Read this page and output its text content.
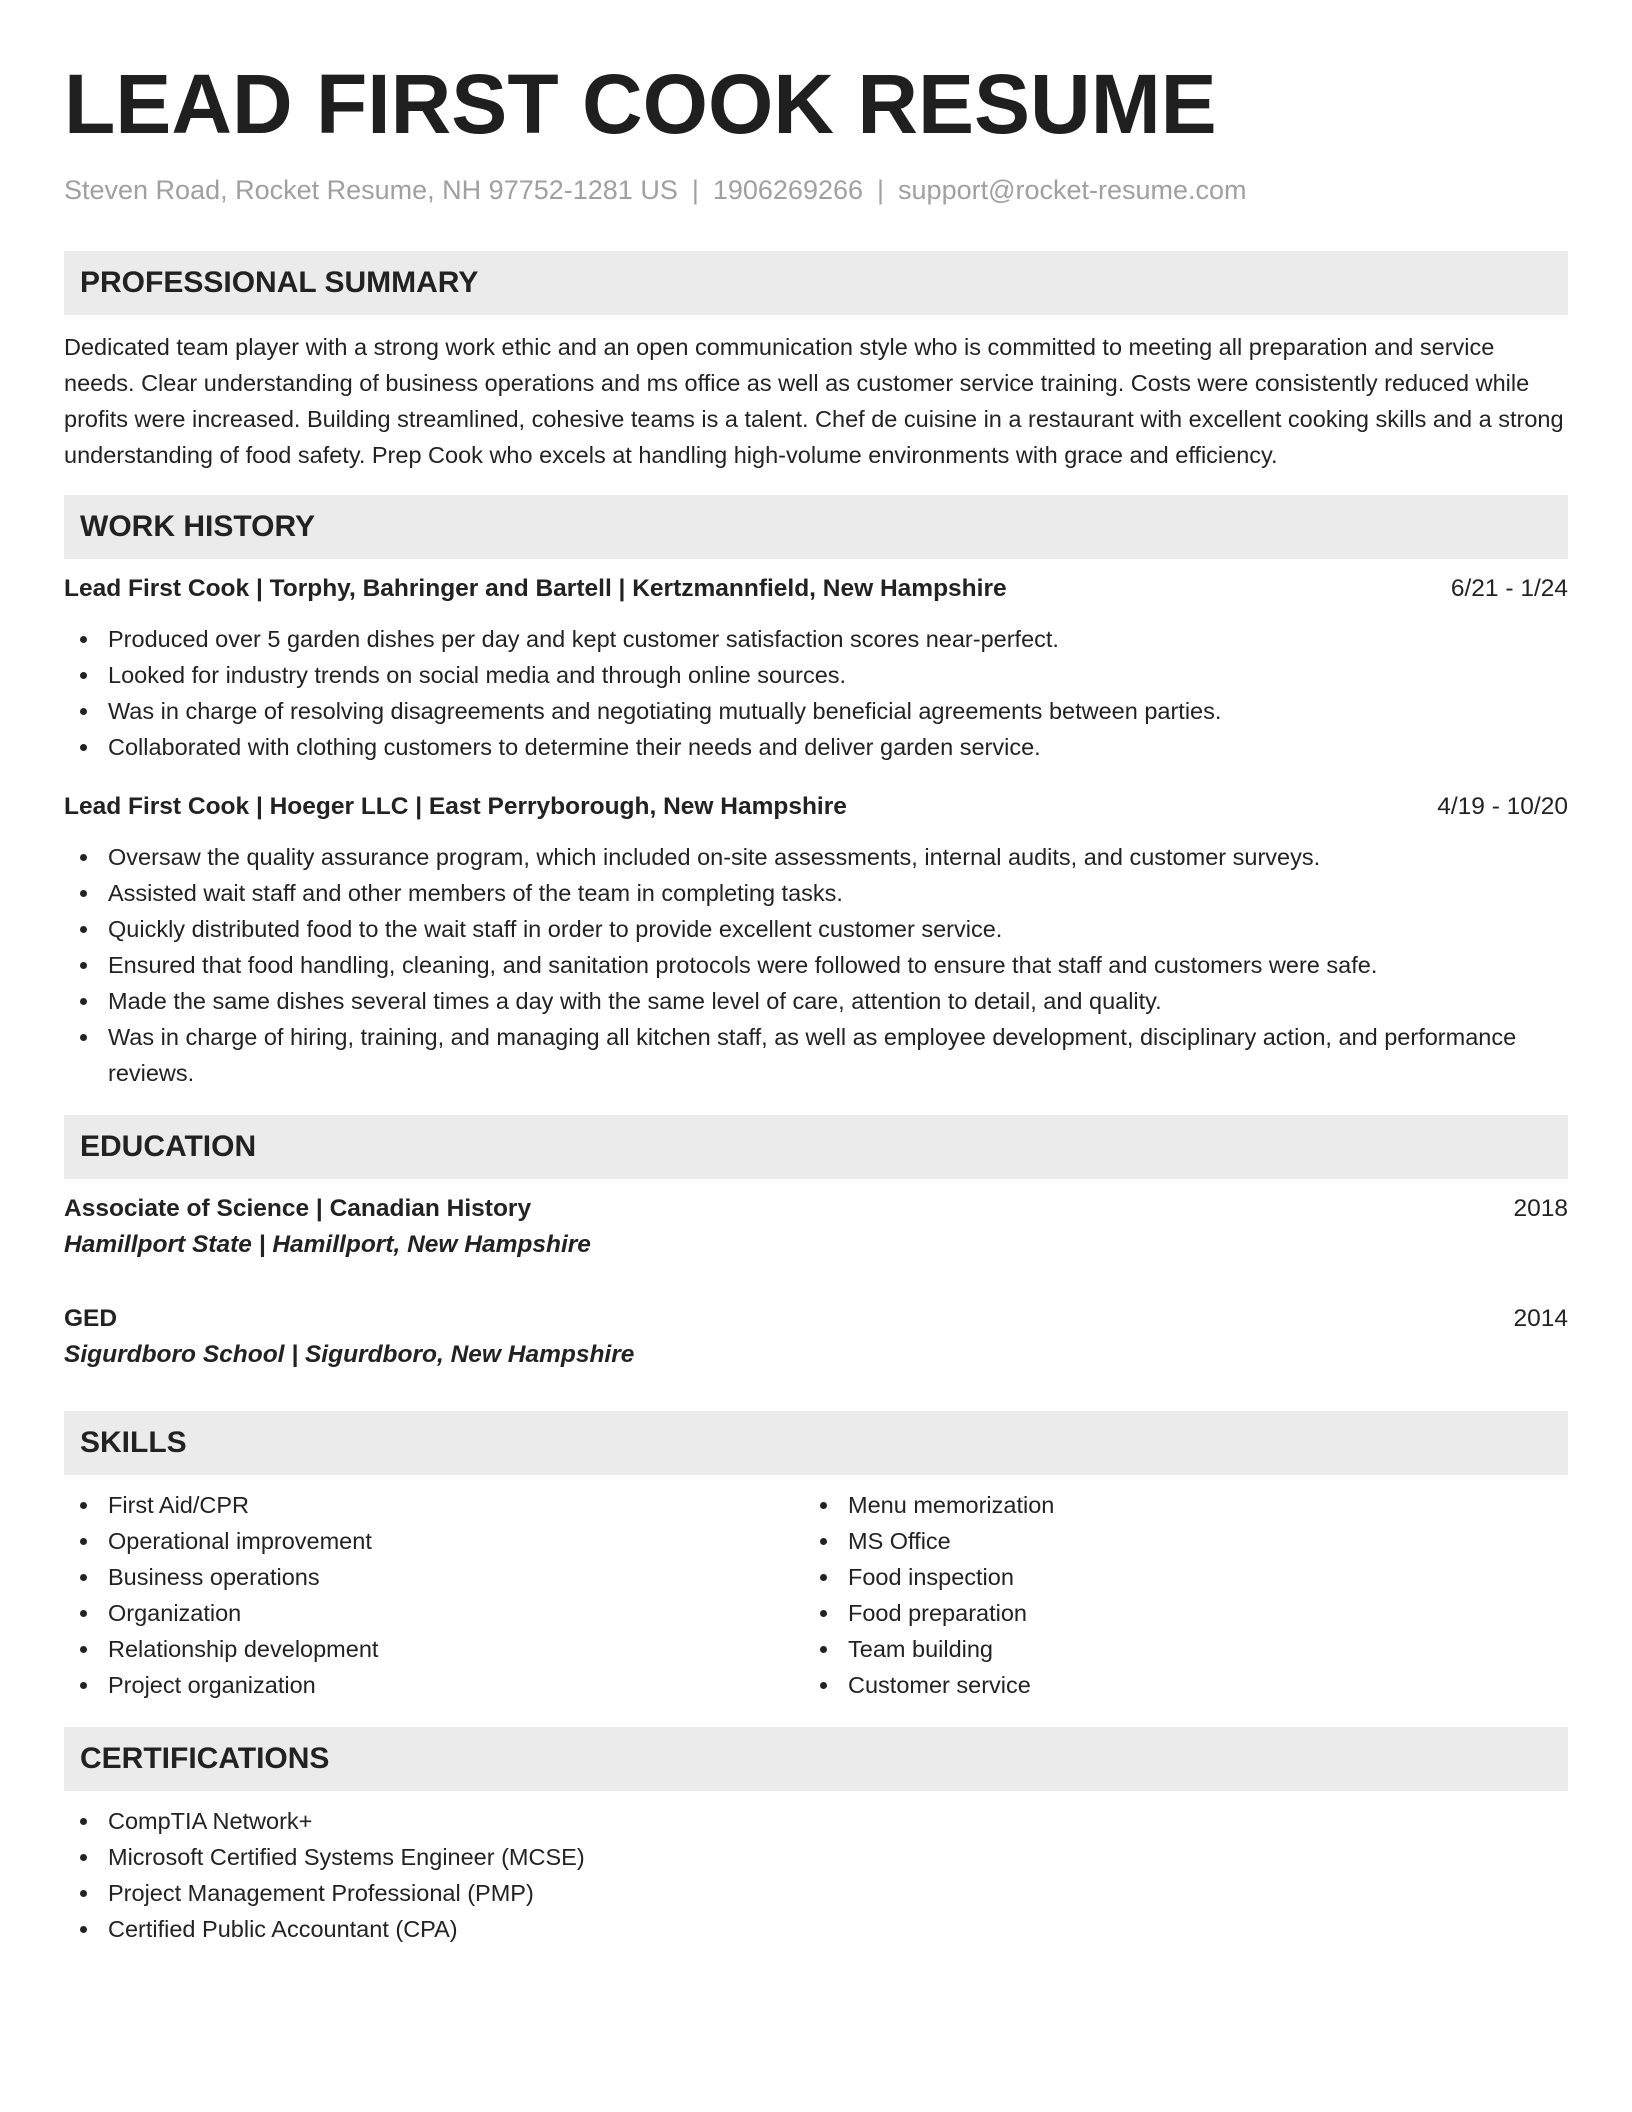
LEAD FIRST COOK RESUME
Steven Road, Rocket Resume, NH 97752-1281 US | 1906269266 | support@rocket-resume.com
PROFESSIONAL SUMMARY

Dedicated team player with a strong work ethic and an open communication style who is committed to meeting all preparation and service needs. Clear understanding of business operations and ms office as well as customer service training. Costs were consistently reduced while profits were increased. Building streamlined, cohesive teams is a talent. Chef de cuisine in a restaurant with excellent cooking skills and a strong understanding of food safety. Prep Cook who excels at handling high-volume environments with grace and efficiency.

WORK HISTORY
Lead First Cook | Torphy, Bahringer and Bartell | Kertzmannfield, New Hampshire	6/21 - 1/24
Produced over 5 garden dishes per day and kept customer satisfaction scores near-perfect.
Looked for industry trends on social media and through online sources.
Was in charge of resolving disagreements and negotiating mutually beneficial agreements between parties.
Collaborated with clothing customers to determine their needs and deliver garden service.
Lead First Cook | Hoeger LLC | East Perryborough, New Hampshire	4/19 - 10/20
Oversaw the quality assurance program, which included on-site assessments, internal audits, and customer surveys.
Assisted wait staff and other members of the team in completing tasks.
Quickly distributed food to the wait staff in order to provide excellent customer service.
Ensured that food handling, cleaning, and sanitation protocols were followed to ensure that staff and customers were safe.
Made the same dishes several times a day with the same level of care, attention to detail, and quality.
Was in charge of hiring, training, and managing all kitchen staff, as well as employee development, disciplinary action, and performance reviews.
EDUCATION
Associate of Science | Canadian History	2018
Hamillport State | Hamillport, New Hampshire
GED	2014
Sigurdboro School | Sigurdboro, New Hampshire
SKILLS
First Aid/CPR
Operational improvement
Business operations
Organization
Relationship development
Project organization
Menu memorization
MS Office
Food inspection
Food preparation
Team building
Customer service
CERTIFICATIONS
CompTIA Network+
Microsoft Certified Systems Engineer (MCSE)
Project Management Professional (PMP)
Certified Public Accountant (CPA)
